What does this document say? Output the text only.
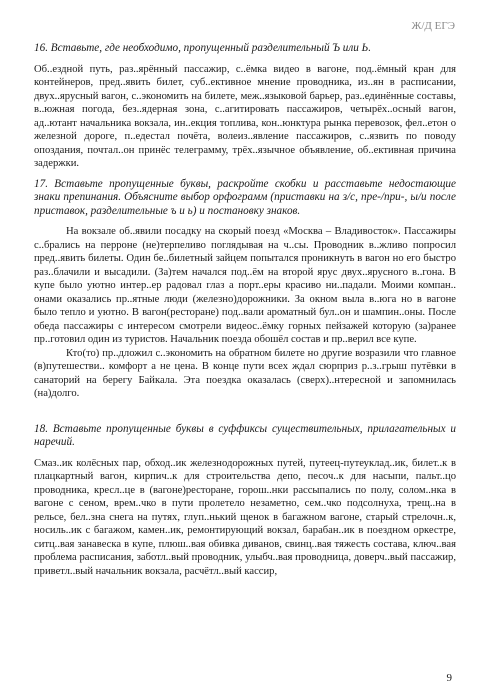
Ж/Д ЕГЭ

16. Вставьте, где необходимо, пропущенный разделительный Ъ или Ь.

Об..ездной путь, раз..ярённый пассажир, с..ёмка видео в вагоне, под..ёмный кран для контейнеров, пред..явить билет, суб..ективное мнение проводника, из..ян в расписании, двух..ярусный вагон, с..экономить на билете, меж..языковой барьер, раз..единённые составы, в..южная погода, без..ядерная зона, с..агитировать пассажиров, четырёх..осный вагон, ад..ютант начальника вокзала, ин..екция топлива, кон..юнктура рынка перевозок, фел..етон о железной дороге, п..едестал почёта, волеиз..явление пассажиров, с..язвить по поводу опоздания, почтал..он принёс телеграмму, трёх..язычное объявление, об..ективная причина задержки.

17. Вставьте пропущенные буквы, раскройте скобки и расставьте недостающие знаки препинания. Объясните выбор орфограмм (приставки на з/с, пре-/при-, ы/и после приставок, разделительные ъ и ь) и постановку знаков.

На вокзале об..явили посадку на скорый поезд «Москва – Владивосток». Пассажиры с..брались на перроне (не)терпеливо поглядывая на ч..сы. Проводник в..жливо попросил пред..явить билеты. Один бе..билетный зайцем попытался проникнуть в вагон но его быстро раз..блачили и высадили. (За)тем начался под..ём на второй ярус двух..ярусного в..гона. В купе было уютно интер..ер радовал глаз а порт..еры красиво ни..падали. Моими компан.. онами оказались пр..ятные люди (железно)дорожники. За окном выла в..юга но в вагоне было тепло и уютно. В вагон(ресторане) под..вали ароматный бул..он и шампин..оны. После обеда пассажиры с интересом смотрели видеос..ёмку горных пейзажей которую (за)ранее пр..готовил один из туристов. Начальник поезда обошёл состав и пр..верил все купе.

Кто(то) пр..дложил с..экономить на обратном билете но другие возразили что главное (в)путешестви.. комфорт а не цена. В конце пути всех ждал сюрприз р..з..грыш путёвки в санаторий на берегу Байкала. Эта поездка оказалась (сверх)..нтересной и запомнилась (на)долго.

18. Вставьте пропущенные буквы в суффиксы существительных, прилагательных и наречий.

Смаз..ик колёсных пар, обход..ик железнодорожных путей, путеец-путеуклад..ик, билет..к в плацкартный вагон, кирпич..к для строительства депо, песоч..к для насыпи, пальт..цо проводника, кресл..це в (вагоне)ресторане, горош..нки рассыпались по полу, солом..нка в вагоне с сеном, врем..чко в пути пролетело незаметно, сем..чко подсолнуха, трещ..на в рельсе, бел..зна снега на путях, глуп..нький щенок в багажном вагоне, старый стрелочн..к, носиль..ик с багажом, камен..ик, ремонтирующий вокзал, барабан..ик в поездном оркестре, ситц..вая занавеска в купе, плюш..вая обивка диванов, свинц..вая тяжесть состава, ключ..вая проблема расписания, заботл..вый проводник, улыбч..вая проводница, доверч..вый пассажир, приветл..вый начальник вокзала, расчётл..вый кассир,

9
